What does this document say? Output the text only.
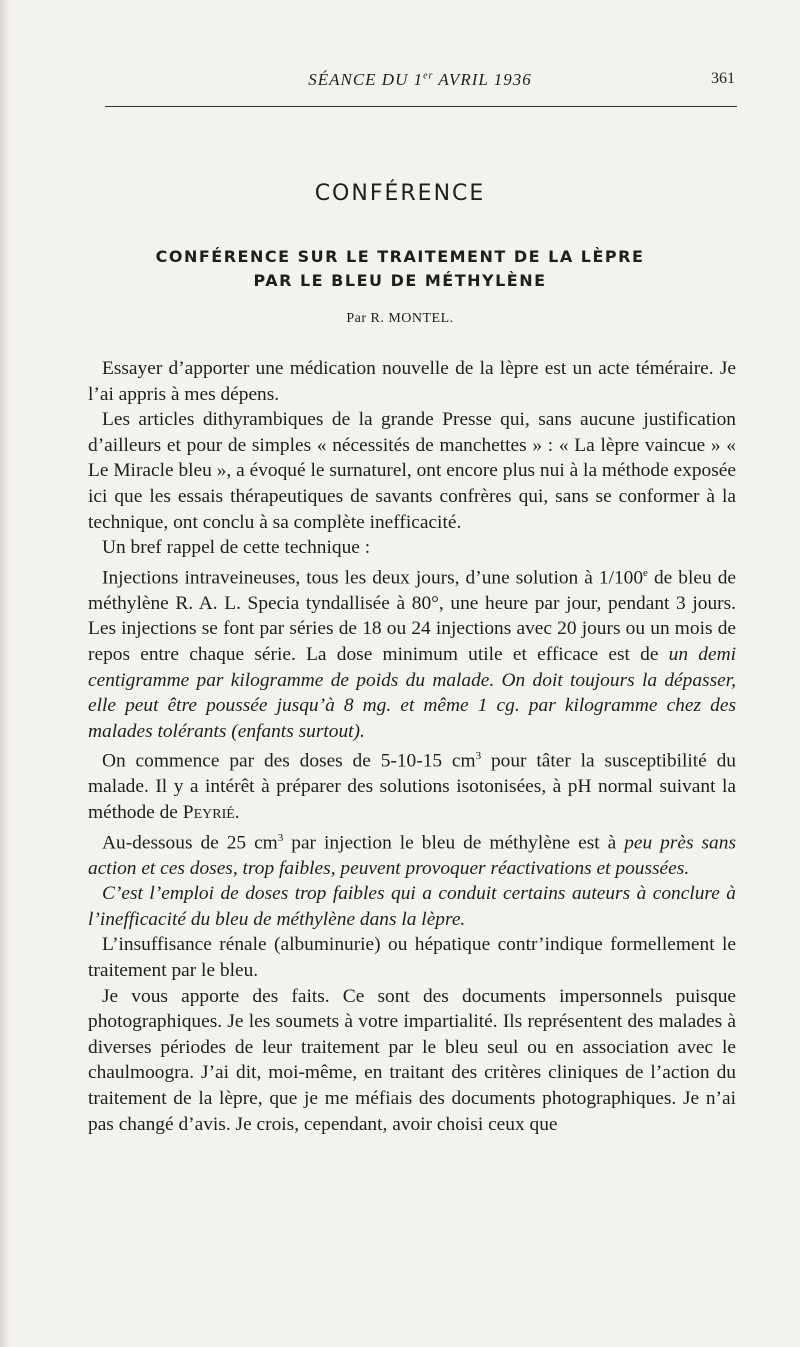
SÉANCE DU 1er AVRIL 1936	361
CONFÉRENCE
CONFÉRENCE SUR LE TRAITEMENT DE LA LÈPRE
PAR LE BLEU DE MÉTHYLÈNE
Par R. MONTEL.

Essayer d’apporter une médication nouvelle de la lèpre est un acte téméraire. Je l’ai appris à mes dépens.

Les articles dithyrambiques de la grande Presse qui, sans aucune justification d’ailleurs et pour de simples « nécessités de manchettes » : « La lèpre vaincue » « Le Miracle bleu », a évoqué le surnaturel, ont encore plus nui à la méthode exposée ici que les essais thérapeutiques de savants confrères qui, sans se conformer à la technique, ont conclu à sa complète inefficacité.

Un bref rappel de cette technique :

Injections intraveineuses, tous les deux jours, d’une solution à 1/100e de bleu de méthylène R. A. L. Specia tyndallisée à 80°, une heure par jour, pendant 3 jours. Les injections se font par séries de 18 ou 24 injections avec 20 jours ou un mois de repos entre chaque série. La dose minimum utile et efficace est de un demi centigramme par kilogramme de poids du malade. On doit toujours la dépasser, elle peut être poussée jusqu’à 8 mg. et même 1 cg. par kilogramme chez des malades tolérants (enfants surtout).

On commence par des doses de 5-10-15 $cm^3$ pour tâter la susceptibilité du malade. Il y a intérêt à préparer des solutions isotonisées, à pH normal suivant la méthode de Peyrié.

Au-dessous de 25 $cm^3$ par injection le bleu de méthylène est à peu près sans action et ces doses, trop faibles, peuvent provoquer réactivations et poussées.

C’est l’emploi de doses trop faibles qui a conduit certains auteurs à conclure à l’inefficacité du bleu de méthylène dans la lèpre.

L’insuffisance rénale (albuminurie) ou hépatique contr’indique formellement le traitement par le bleu.

Je vous apporte des faits. Ce sont des documents impersonnels puisque photographiques. Je les soumets à votre impartialité. Ils représentent des malades à diverses périodes de leur traitement par le bleu seul ou en association avec le chaulmoogra. J’ai dit, moi-même, en traitant des critères cliniques de l’action du traitement de la lèpre, que je me méfiais des documents photographiques. Je n’ai pas changé d’avis. Je crois, cependant, avoir choisi ceux que
